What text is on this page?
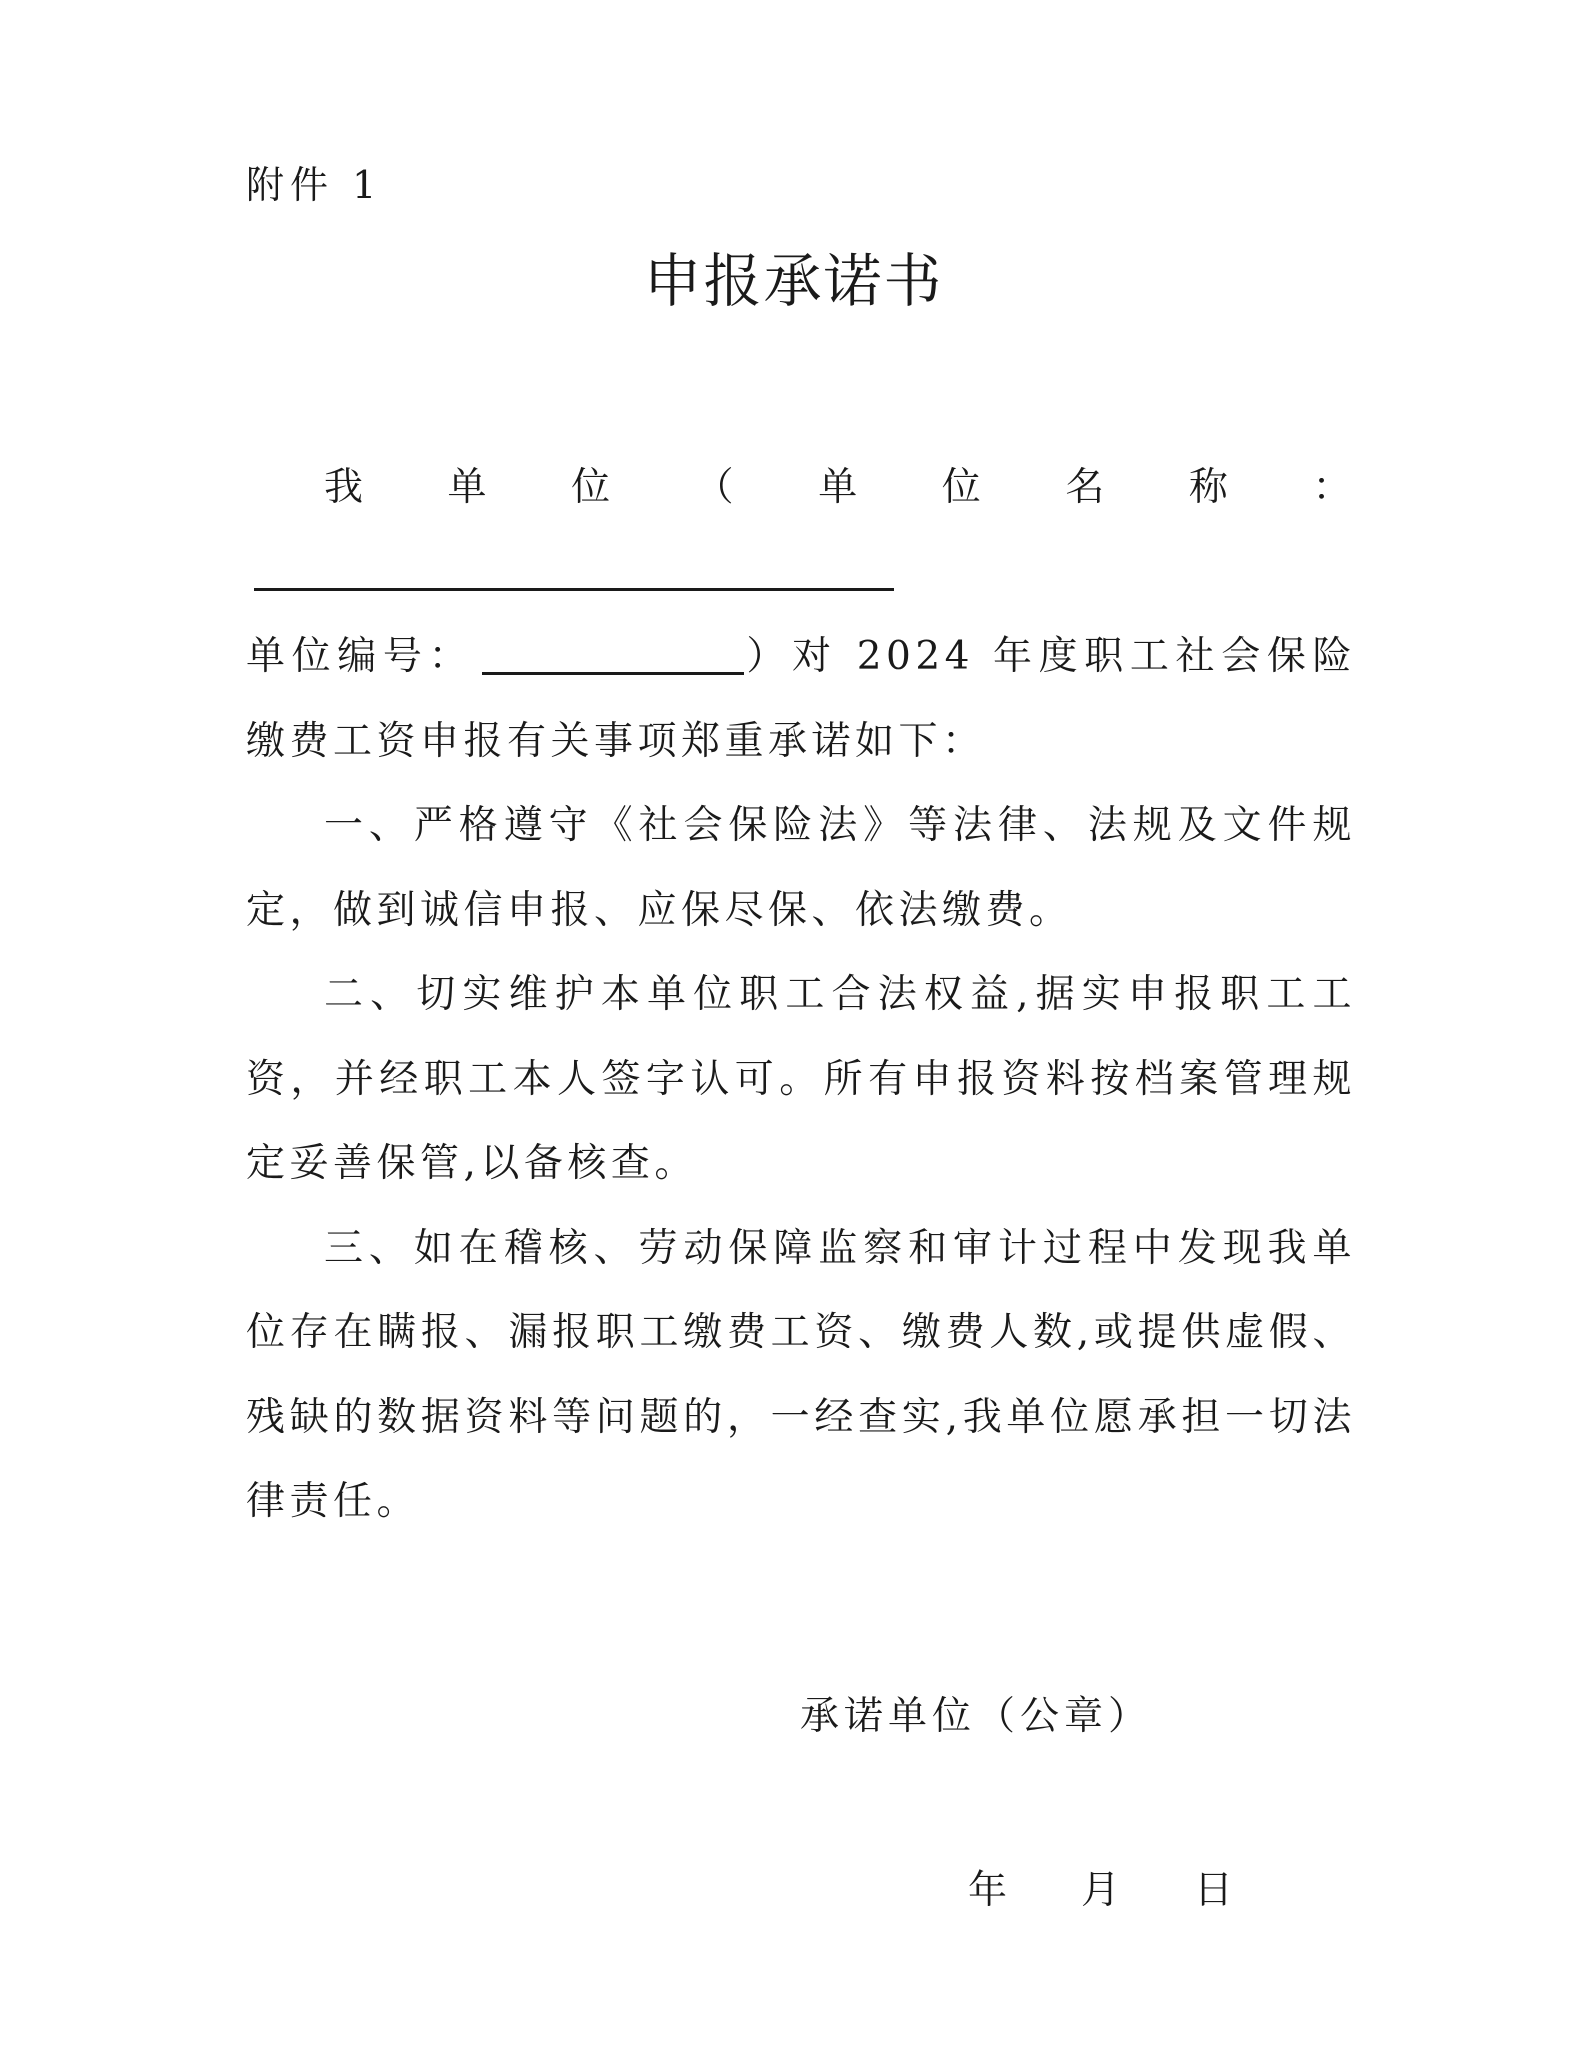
附件 1
申报承诺书

我单位（单位名称：

单位编号：	）对 2024 年度职工社会保险缴费工资申报有关事项郑重承诺如下：

一、严格遵守《社会保险法》等法律、法规及文件规定，做到诚信申报、应保尽保、依法缴费。

二、切实维护本单位职工合法权益,据实申报职工工资，并经职工本人签字认可。所有申报资料按档案管理规定妥善保管,以备核查。

三、如在稽核、劳动保障监察和审计过程中发现我单位存在瞒报、漏报职工缴费工资、缴费人数,或提供虚假、残缺的数据资料等问题的，一经查实,我单位愿承担一切法律责任。

承诺单位（公章）
年 月 日
